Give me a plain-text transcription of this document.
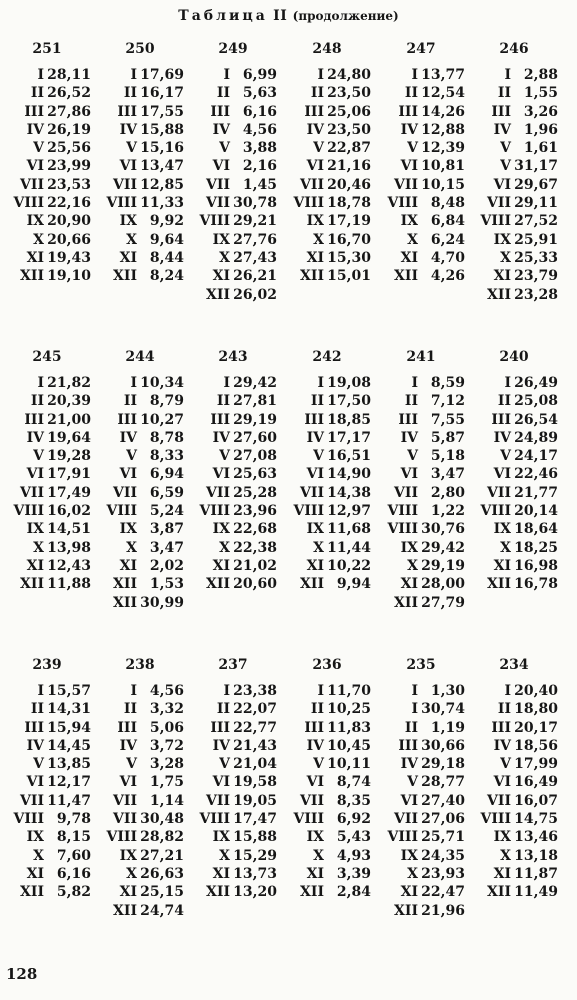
Таблица II (продолжение)
251
I 28,11
II 26,52
III 27,86
IV 26,19
V 25,56
VI 23,99
VII 23,53
VIII 22,16
IX 20,90
X 20,66
XI 19,43
XII 19,10
250
I 17,69
II 16,17
III 17,55
IV 15,88
V 15,16
VI 13,47
VII 12,85
VIII 11,33
IX 9,92
X 9,64
XI 8,44
XII 8,24
249
I 6,99
II 5,63
III 6,16
IV 4,56
V 3,88
VI 2,16
VII 1,45
VII 30,78
VIII 29,21
IX 27,76
X 27,43
XI 26,21
XII 26,02
248
I 24,80
II 23,50
III 25,06
IV 23,50
V 22,87
VI 21,16
VII 20,46
VIII 18,78
IX 17,19
X 16,70
XI 15,30
XII 15,01
247
I 13,77
II 12,54
III 14,26
IV 12,88
V 12,39
VI 10,81
VII 10,15
VIII 8,48
IX 6,84
X 6,24
XI 4,70
XII 4,26
246
I 2,88
II 1,55
III 3,26
IV 1,96
V 1,61
V 31,17
VI 29,67
VII 29,11
VIII 27,52
IX 25,91
X 25,33
XI 23,79
XII 23,28
245
I 21,82
II 20,39
III 21,00
IV 19,64
V 19,28
VI 17,91
VII 17,49
VIII 16,02
IX 14,51
X 13,98
XI 12,43
XII 11,88
244
I 10,34
II 8,79
III 10,27
IV 8,78
V 8,33
VI 6,94
VII 6,59
VIII 5,24
IX 3,87
X 3,47
XI 2,02
XII 1,53
XII 30,99
243
I 29,42
II 27,81
III 29,19
IV 27,60
V 27,08
VI 25,63
VII 25,28
VIII 23,96
IX 22,68
X 22,38
XI 21,02
XII 20,60
242
I 19,08
II 17,50
III 18,85
IV 17,17
V 16,51
VI 14,90
VII 14,38
VIII 12,97
IX 11,68
X 11,44
XI 10,22
XII 9,94
241
I 8,59
II 7,12
III 7,55
IV 5,87
V 5,18
VI 3,47
VII 2,80
VIII 1,22
VIII 30,76
IX 29,42
X 29,19
XI 28,00
XII 27,79
240
I 26,49
II 25,08
III 26,54
IV 24,89
V 24,17
VI 22,46
VII 21,77
VIII 20,14
IX 18,64
X 18,25
XI 16,98
XII 16,78
239
I 15,57
II 14,31
III 15,94
IV 14,45
V 13,85
VI 12,17
VII 11,47
VIII 9,78
IX 8,15
X 7,60
XI 6,16
XII 5,82
238
I 4,56
II 3,32
III 5,06
IV 3,72
V 3,28
VI 1,75
VII 1,14
VII 30,48
VIII 28,82
IX 27,21
X 26,63
XI 25,15
XII 24,74
237
I 23,38
II 22,07
III 22,77
IV 21,43
V 21,04
VI 19,58
VII 19,05
VIII 17,47
IX 15,88
X 15,29
XI 13,73
XII 13,20
236
I 11,70
II 10,25
III 11,83
IV 10,45
V 10,11
VI 8,74
VII 8,35
VIII 6,92
IX 5,43
X 4,93
XI 3,39
XII 2,84
235
I 1,30
I 30,74
II 1,19
III 30,66
IV 29,18
V 28,77
VI 27,40
VII 27,06
VIII 25,71
IX 24,35
X 23,93
XI 22,47
XII 21,96
234
I 20,40
II 18,80
III 20,17
IV 18,56
V 17,99
VI 16,49
VII 16,07
VIII 14,75
IX 13,46
X 13,18
XI 11,87
XII 11,49
128
